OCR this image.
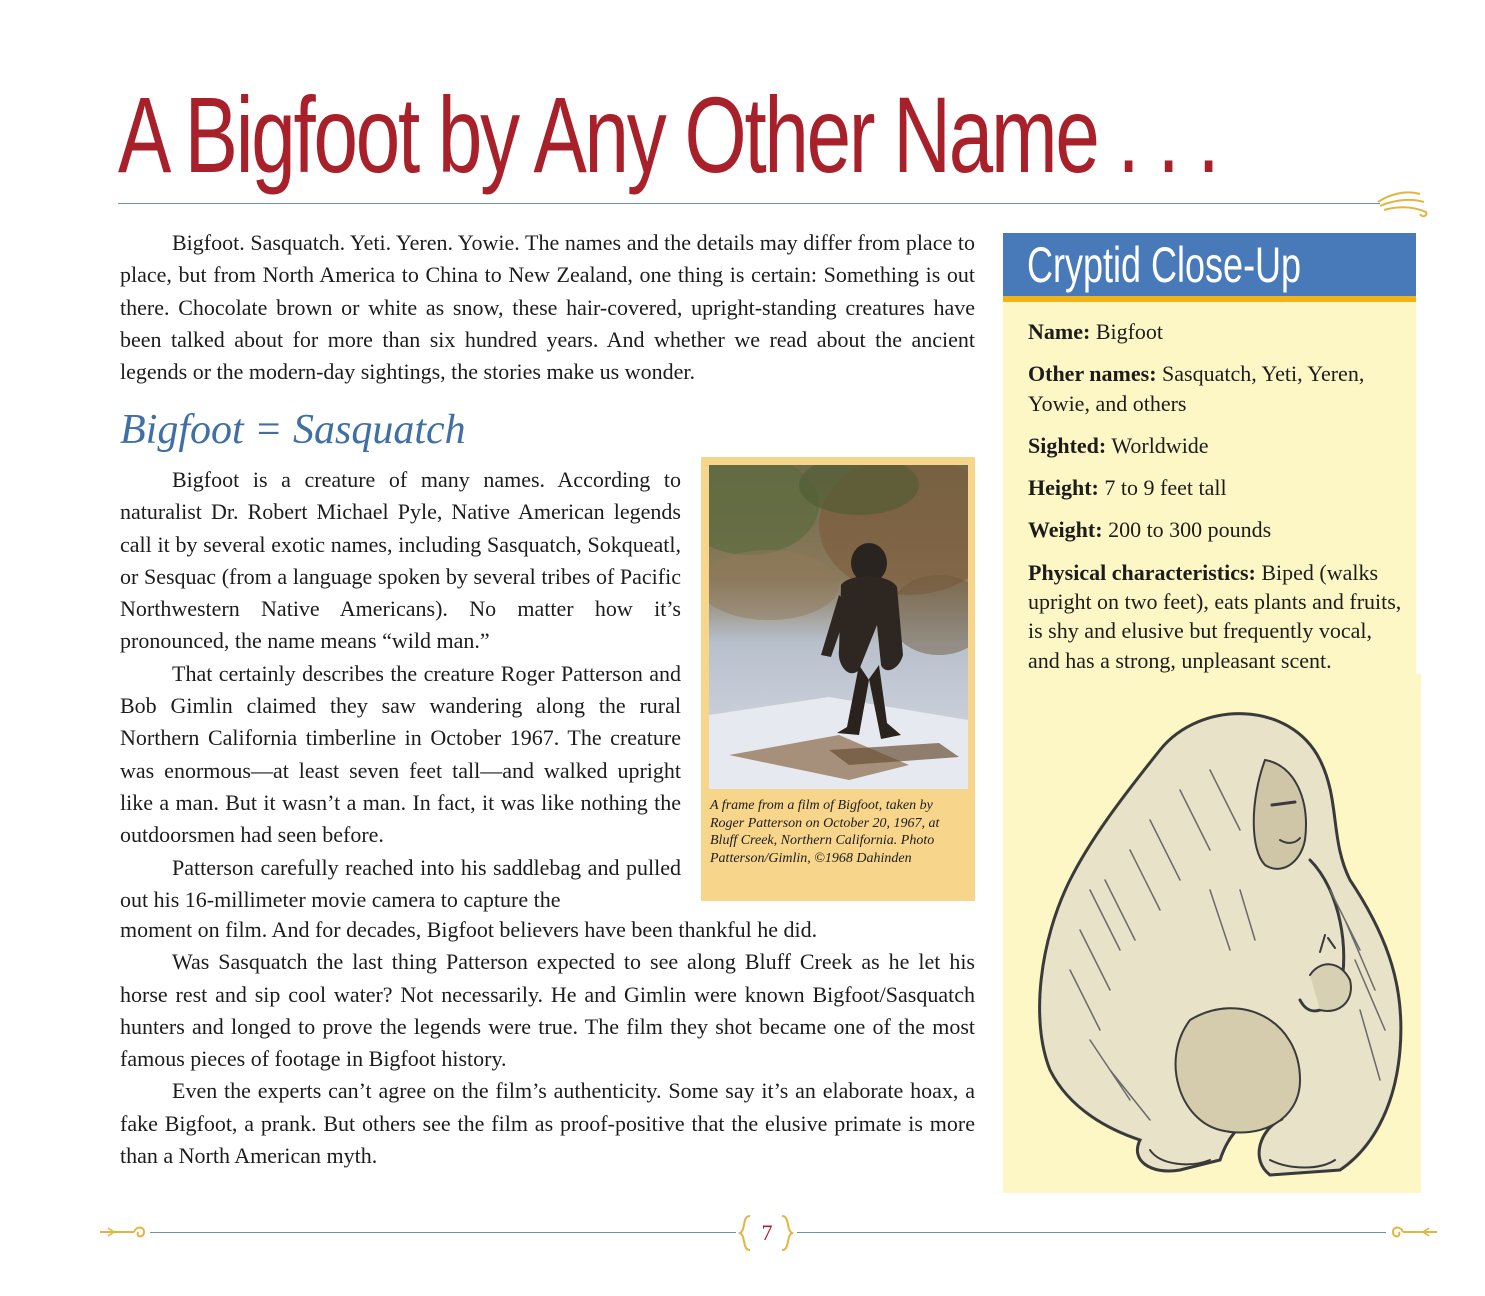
A Bigfoot by Any Other Name . . .

Bigfoot. Sasquatch. Yeti. Yeren. Yowie. The names and the details may differ from place to place, but from North America to China to New Zealand, one thing is certain: Something is out there. Chocolate brown or white as snow, these hair-covered, upright-standing creatures have been talked about for more than six hundred years. And whether we read about the ancient legends or the modern-day sightings, the stories make us wonder.

Bigfoot = Sasquatch

Bigfoot is a creature of many names. According to naturalist Dr. Robert Michael Pyle, Native American legends call it by several exotic names, including Sasquatch, Sokqueatl, or Sesquac (from a language spoken by several tribes of Pacific Northwestern Native Americans). No matter how it’s pronounced, the name means “wild man.”

That certainly describes the creature Roger Patterson and Bob Gimlin claimed they saw wandering along the rural Northern California timberline in October 1967. The creature was enormous—at least seven feet tall—and walked upright like a man. But it wasn’t a man. In fact, it was like nothing the outdoorsmen had seen before.

Patterson carefully reached into his saddlebag and pulled out his 16-millimeter movie camera to capture the

A frame from a film of Bigfoot, taken by Roger Patterson on October 20, 1967, at Bluff Creek, Northern California. Photo Patterson/Gimlin, ©1968 Dahinden

moment on film. And for decades, Bigfoot believers have been thankful he did.

Was Sasquatch the last thing Patterson expected to see along Bluff Creek as he let his horse rest and sip cool water? Not necessarily. He and Gimlin were known Bigfoot/Sasquatch hunters and longed to prove the legends were true. The film they shot became one of the most famous pieces of footage in Bigfoot history.

Even the experts can’t agree on the film’s authenticity. Some say it’s an elaborate hoax, a fake Bigfoot, a prank. But others see the film as proof-positive that the elusive primate is more than a North American myth.

Cryptid Close-Up
Name: Bigfoot
Other names: Sasquatch, Yeti, Yeren, Yowie, and others
Sighted: Worldwide
Height: 7 to 9 feet tall
Weight: 200 to 300 pounds
Physical characteristics: Biped (walks upright on two feet), eats plants and fruits, is shy and elusive but frequently vocal, and has a strong, unpleasant scent.
7
